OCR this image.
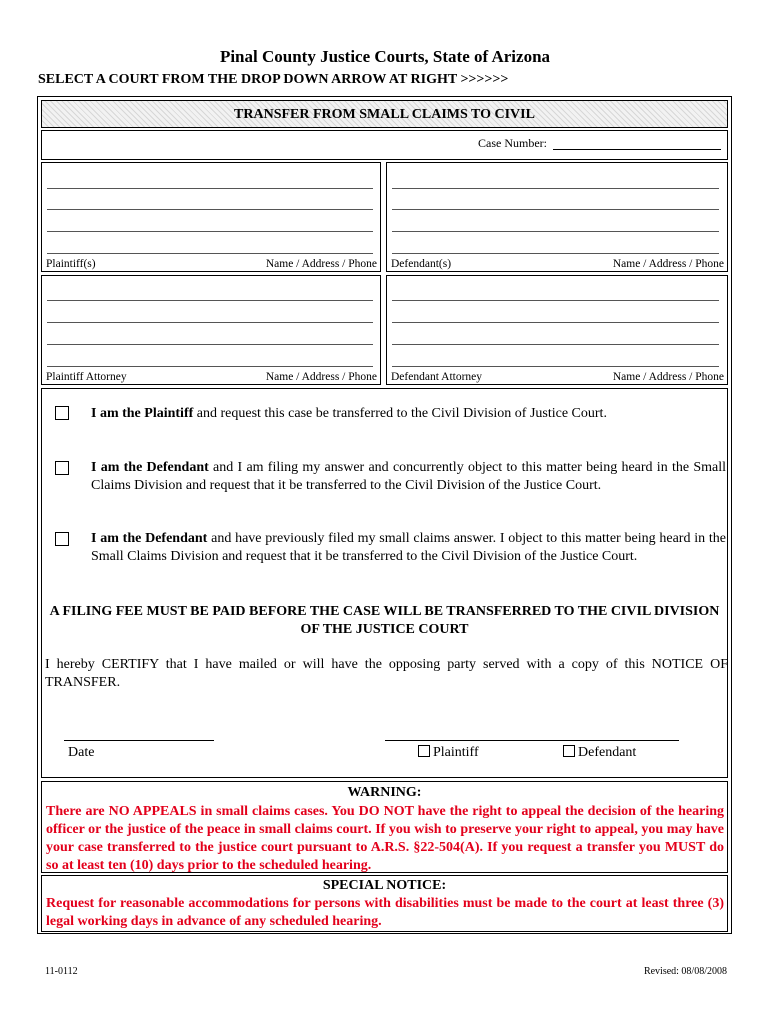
Pinal County Justice Courts, State of Arizona
SELECT A COURT FROM THE DROP DOWN ARROW AT RIGHT >>>>>>
TRANSFER FROM SMALL CLAIMS TO CIVIL
Case Number:
Plaintiff(s)	Name / Address / Phone Defendant(s)	Name / Address / Phone
Plaintiff Attorney	Name / Address / Phone Defendant Attorney	Name / Address / Phone
I am the Plaintiff and request this case be transferred to the Civil Division of Justice Court.
I am the Defendant and I am filing my answer and concurrently object to this matter being heard in the Small Claims Division and request that it be transferred to the Civil Division of the Justice Court.
I am the Defendant and have previously filed my small claims answer. I object to this matter being heard in the Small Claims Division and request that it be transferred to the Civil Division of the Justice Court.
A FILING FEE MUST BE PAID BEFORE THE CASE WILL BE TRANSFERRED TO THE CIVIL DIVISION OF THE JUSTICE COURT
I hereby CERTIFY that I have mailed or will have the opposing party served with a copy of this NOTICE OF TRANSFER.
Date	Plaintiff	Defendant
WARNING:
There are NO APPEALS in small claims cases. You DO NOT have the right to appeal the decision of the hearing officer or the justice of the peace in small claims court. If you wish to preserve your right to appeal, you may have your case transferred to the justice court pursuant to A.R.S. §22-504(A). If you request a transfer you MUST do so at least ten (10) days prior to the scheduled hearing.
SPECIAL NOTICE:
Request for reasonable accommodations for persons with disabilities must be made to the court at least three (3) legal working days in advance of any scheduled hearing.
11-0112	Revised: 08/08/2008
